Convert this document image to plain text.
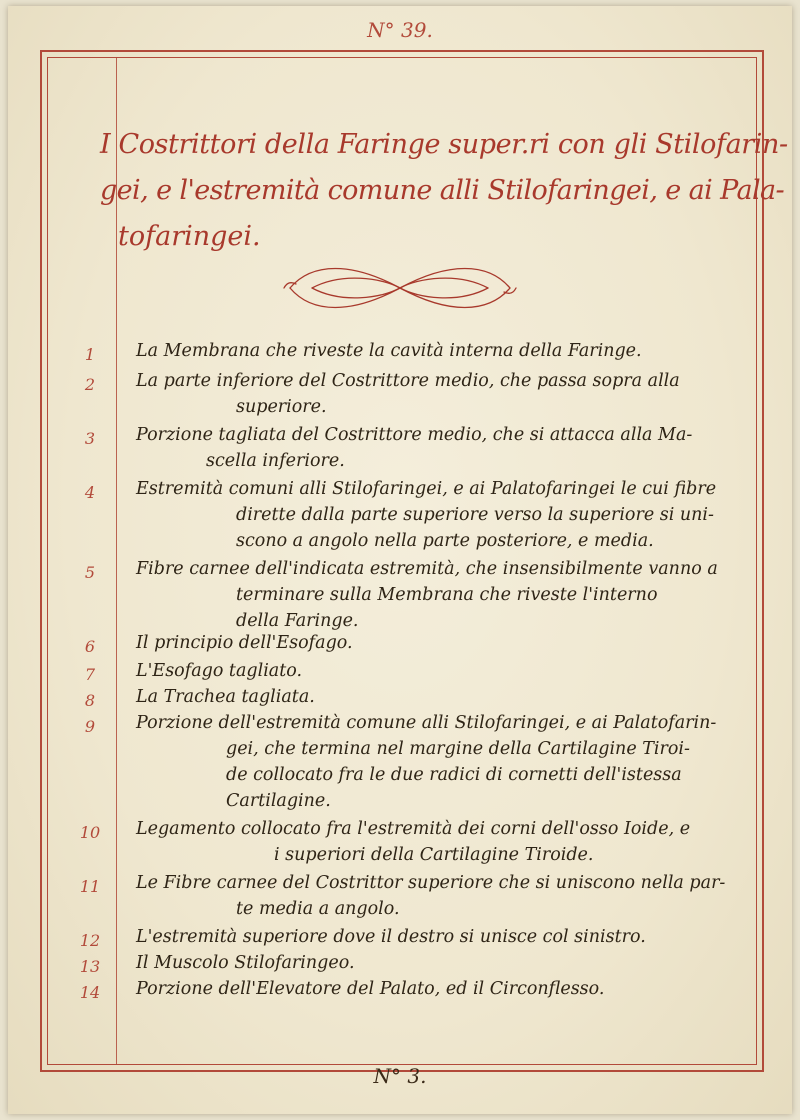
N° 39.
I Costrittori della Faringe super.ri con gli Stilofarin-
gei, e l'estremità comune alli Stilofaringei, e ai Pala-
tofaringei.
1	La Membrana che riveste la cavità interna della Faringe.
2	La parte inferiore del Costrittore medio, che passa sopra alla
superiore.
3	Porzione tagliata del Costrittore medio, che si attacca alla Ma-
scella inferiore.
4	Estremità comuni alli Stilofaringei, e ai Palatofaringei le cui fibre
dirette dalla parte superiore verso la superiore si uni-
scono a angolo nella parte posteriore, e media.
5	Fibre carnee dell'indicata estremità, che insensibilmente vanno a
terminare sulla Membrana che riveste l'interno
della Faringe.
6	Il principio dell'Esofago.
7	L'Esofago tagliato.
8	La Trachea tagliata.
9	Porzione dell'estremità comune alli Stilofaringei, e ai Palatofarin-
gei, che termina nel margine della Cartilagine Tiroi-
de collocato fra le due radici di cornetti dell'istessa
Cartilagine.
10	Legamento collocato fra l'estremità dei corni dell'osso Ioide, e
i superiori della Cartilagine Tiroide.
11	Le Fibre carnee del Costrittor superiore che si uniscono nella par-
te media a angolo.
12	L'estremità superiore dove il destro si unisce col sinistro.
13	Il Muscolo Stilofaringeo.
14	Porzione dell'Elevatore del Palato, ed il Circonflesso.
N° 3.
